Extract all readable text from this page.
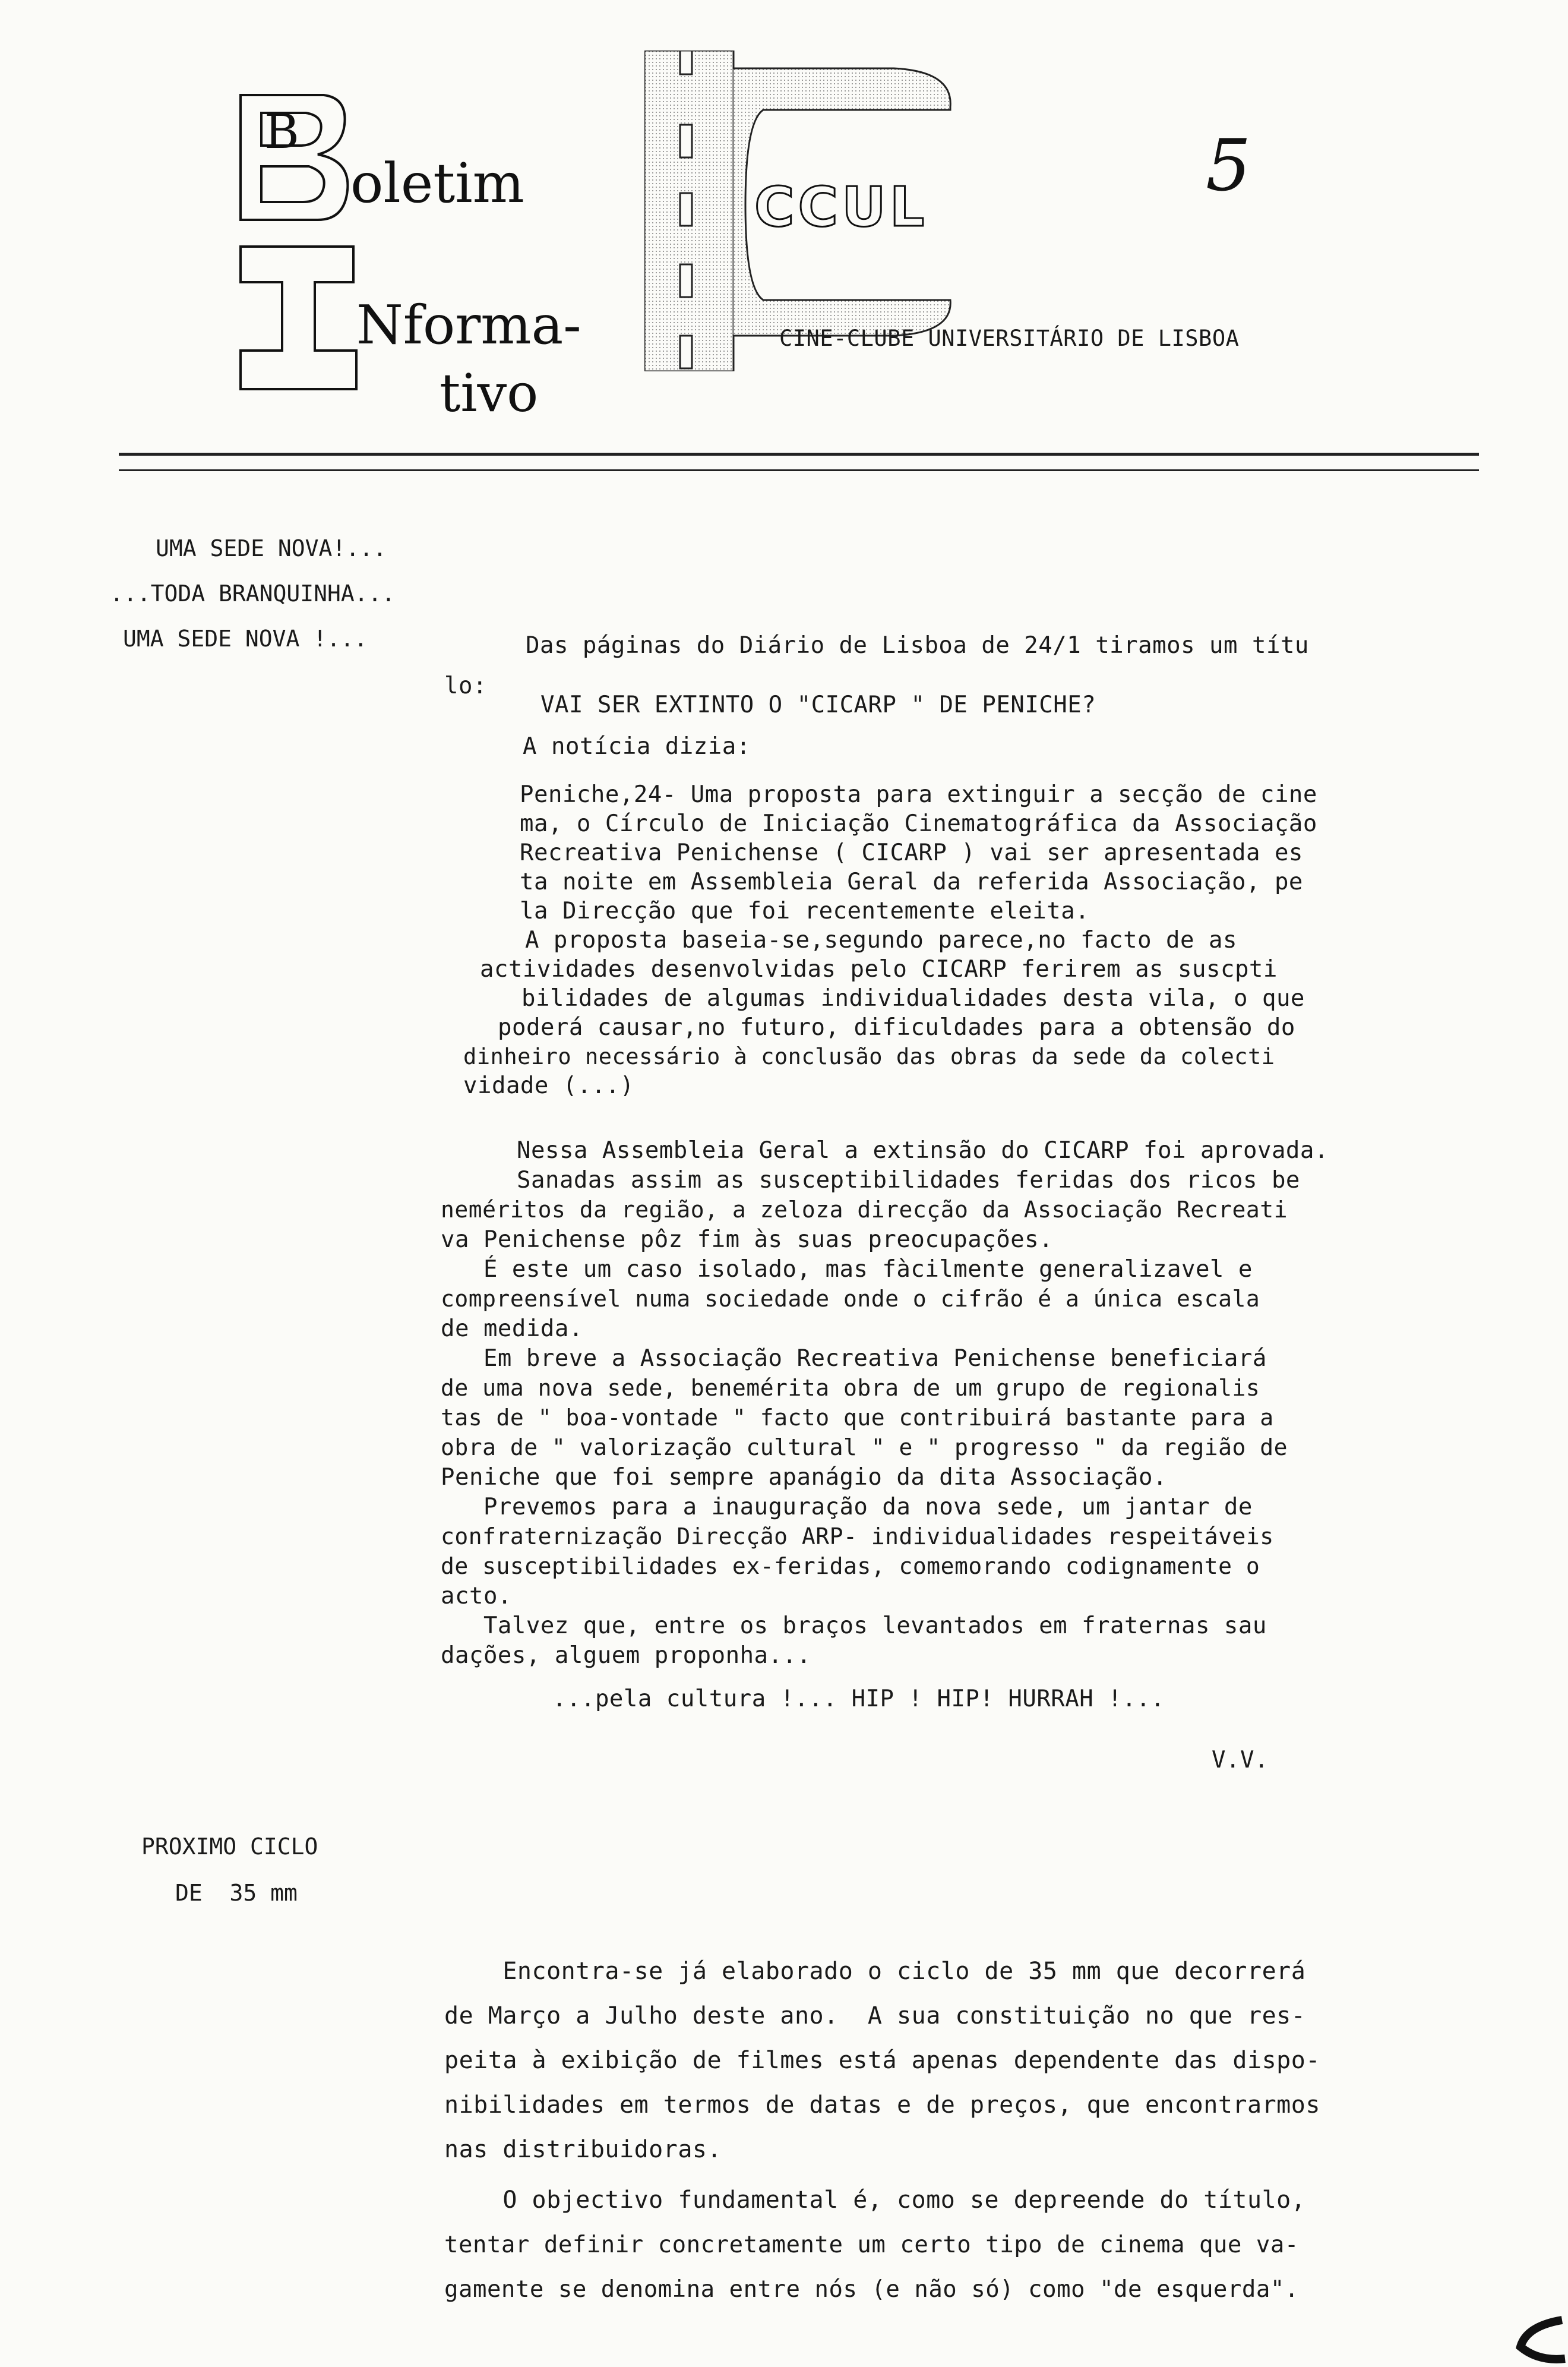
B
oletim
Nforma-
tivo
CCUL	5
CINE-CLUBE UNIVERSITÁRIO DE LISBOA
UMA SEDE NOVA!...
...TODA BRANQUINHA...
UMA SEDE NOVA !...
PROXIMO CICLO
DE  35 mm
Das páginas do Diário de Lisboa de 24/1 tiramos um títu
lo:
VAI SER EXTINTO O "CICARP " DE PENICHE?
A notícia dizia:
Peniche,24- Uma proposta para extinguir a secção de cine
ma, o Círculo de Iniciação Cinematográfica da Associação
Recreativa Penichense ( CICARP ) vai ser apresentada es
ta noite em Assembleia Geral da referida Associação, pe
la Direcção que foi recentemente eleita.
A proposta baseia-se,segundo parece,no facto de as
actividades desenvolvidas pelo CICARP ferirem as suscpti
bilidades de algumas individualidades desta vila, o que
poderá causar,no futuro, dificuldades para a obtensão do
dinheiro necessário à conclusão das obras da sede da colecti
vidade (...)
Nessa Assembleia Geral a extinsão do CICARP foi aprovada.
Sanadas assim as susceptibilidades feridas dos ricos be
neméritos da região, a zeloza direcção da Associação Recreati
va Penichense pôz fim às suas preocupações.
É este um caso isolado, mas fàcilmente generalizavel e
compreensível numa sociedade onde o cifrão é a única escala
de medida.
Em breve a Associação Recreativa Penichense beneficiará
de uma nova sede, benemérita obra de um grupo de regionalis
tas de " boa-vontade " facto que contribuirá bastante para a
obra de " valorização cultural " e " progresso " da região de
Peniche que foi sempre apanágio da dita Associação.
Prevemos para a inauguração da nova sede, um jantar de
confraternização Direcção ARP- individualidades respeitáveis
de susceptibilidades ex-feridas, comemorando codignamente o
acto.
Talvez que, entre os braços levantados em fraternas sau
dações, alguem proponha...
...pela cultura !... HIP ! HIP! HURRAH !...
V.V.
Encontra-se já elaborado o ciclo de 35 mm que decorrerá
de Março a Julho deste ano.  A sua constituição no que res-
peita à exibição de filmes está apenas dependente das dispo-
nibilidades em termos de datas e de preços, que encontrarmos
nas distribuidoras.
O objectivo fundamental é, como se depreende do título,
tentar definir concretamente um certo tipo de cinema que va-
gamente se denomina entre nós (e não só) como "de esquerda".
